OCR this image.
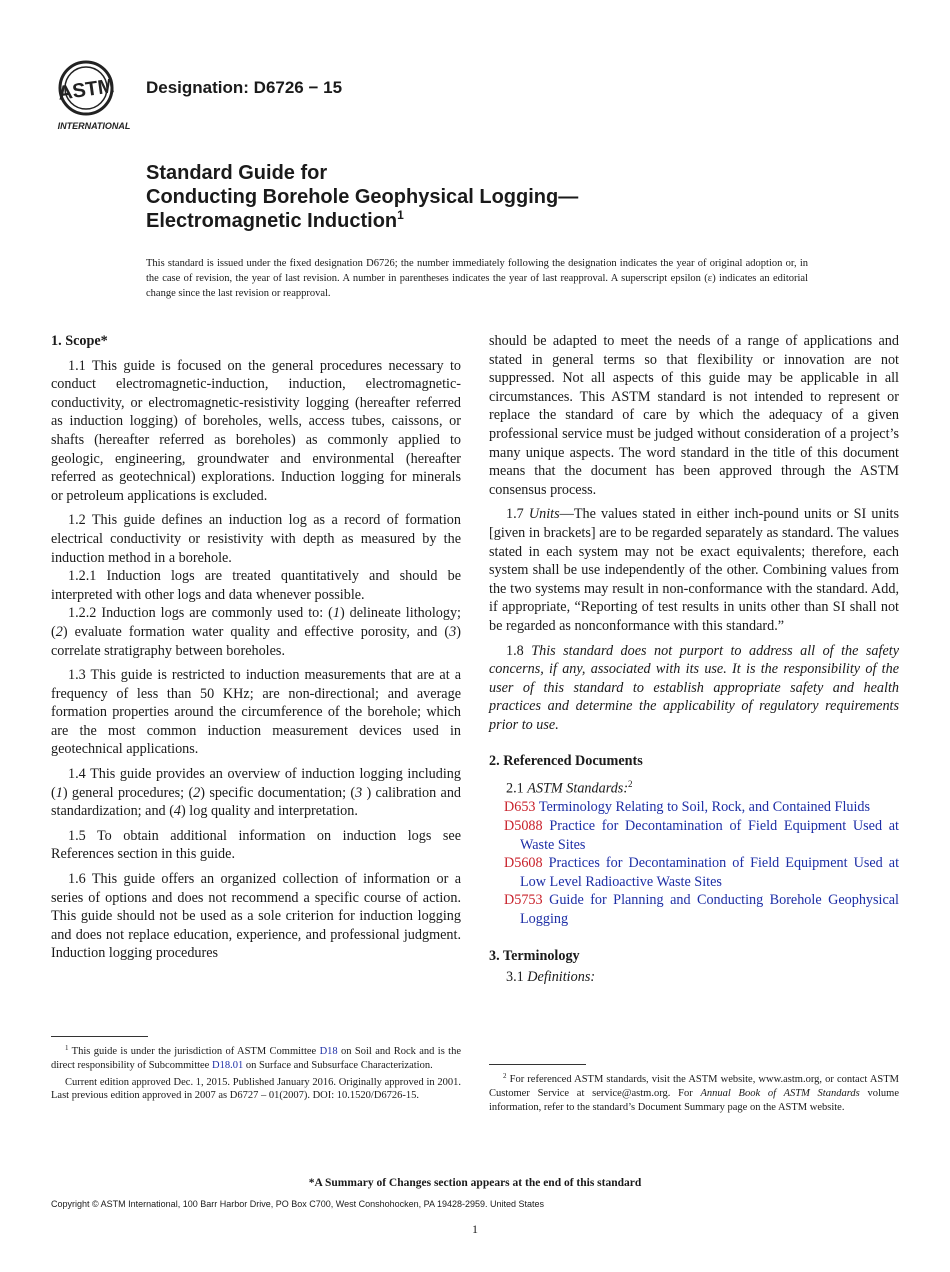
ASTM
INTERNATIONAL
Designation: D6726 − 15
Standard Guide for
Conducting Borehole Geophysical Logging—
Electromagnetic Induction$^1$
This standard is issued under the fixed designation D6726; the number immediately following the designation indicates the year of original adoption or, in the case of revision, the year of last revision. A number in parentheses indicates the year of last reapproval. A superscript epsilon (ε) indicates an editorial change since the last revision or reapproval.
1. Scope*

1.1 This guide is focused on the general procedures necessary to conduct electromagnetic-induction, induction, electromagnetic-conductivity, or electromagnetic-resistivity logging (hereafter referred as induction logging) of boreholes, wells, access tubes, caissons, or shafts (hereafter referred as boreholes) as commonly applied to geologic, engineering, groundwater and environmental (hereafter referred as geotechnical) explorations. Induction logging for minerals or petroleum applications is excluded.

1.2 This guide defines an induction log as a record of formation electrical conductivity or resistivity with depth as measured by the induction method in a borehole.

1.2.1 Induction logs are treated quantitatively and should be interpreted with other logs and data whenever possible.

1.2.2 Induction logs are commonly used to: (1) delineate lithology; (2) evaluate formation water quality and effective porosity, and (3) correlate stratigraphy between boreholes.

1.3 This guide is restricted to induction measurements that are at a frequency of less than 50 KHz; are non-directional; and average formation properties around the circumference of the borehole; which are the most common induction measurement devices used in geotechnical applications.

1.4 This guide provides an overview of induction logging including (1) general procedures; (2) specific documentation; (3 ) calibration and standardization; and (4) log quality and interpretation.

1.5 To obtain additional information on induction logs see References section in this guide.

1.6 This guide offers an organized collection of information or a series of options and does not recommend a specific course of action. This guide should not be used as a sole criterion for induction logging and does not replace education, experience, and professional judgment. Induction logging procedures

should be adapted to meet the needs of a range of applications and stated in general terms so that flexibility or innovation are not suppressed. Not all aspects of this guide may be applicable in all circumstances. This ASTM standard is not intended to represent or replace the standard of care by which the adequacy of a given professional service must be judged without consideration of a project’s many unique aspects. The word standard in the title of this document means that the document has been approved through the ASTM consensus process.

1.7 Units—The values stated in either inch-pound units or SI units [given in brackets] are to be regarded separately as standard. The values stated in each system may not be exact equivalents; therefore, each system shall be use independently of the other. Combining values from the two systems may result in non-conformance with the standard. Add, if appropriate, “Reporting of test results in units other than SI shall not be regarded as nonconformance with this standard.”

1.8 This standard does not purport to address all of the safety concerns, if any, associated with its use. It is the responsibility of the user of this standard to establish appropriate safety and health practices and determine the applicability of regulatory requirements prior to use.

2. Referenced Documents

2.1 ASTM Standards:$^2$

D653 Terminology Relating to Soil, Rock, and Contained Fluids

D5088 Practice for Decontamination of Field Equipment Used at Waste Sites

D5608 Practices for Decontamination of Field Equipment Used at Low Level Radioactive Waste Sites

D5753 Guide for Planning and Conducting Borehole Geophysical Logging

3. Terminology

3.1 Definitions:

$^1$ This guide is under the jurisdiction of ASTM Committee D18 on Soil and Rock and is the direct responsibility of Subcommittee D18.01 on Surface and Subsurface Characterization.

Current edition approved Dec. 1, 2015. Published January 2016. Originally approved in 2001. Last previous edition approved in 2007 as D6727 – 01(2007). DOI: 10.1520/D6726-15.

$^2$ For referenced ASTM standards, visit the ASTM website, www.astm.org, or contact ASTM Customer Service at service@astm.org. For Annual Book of ASTM Standards volume information, refer to the standard’s Document Summary page on the ASTM website.

*A Summary of Changes section appears at the end of this standard
Copyright © ASTM International, 100 Barr Harbor Drive, PO Box C700, West Conshohocken, PA 19428-2959. United States
1
